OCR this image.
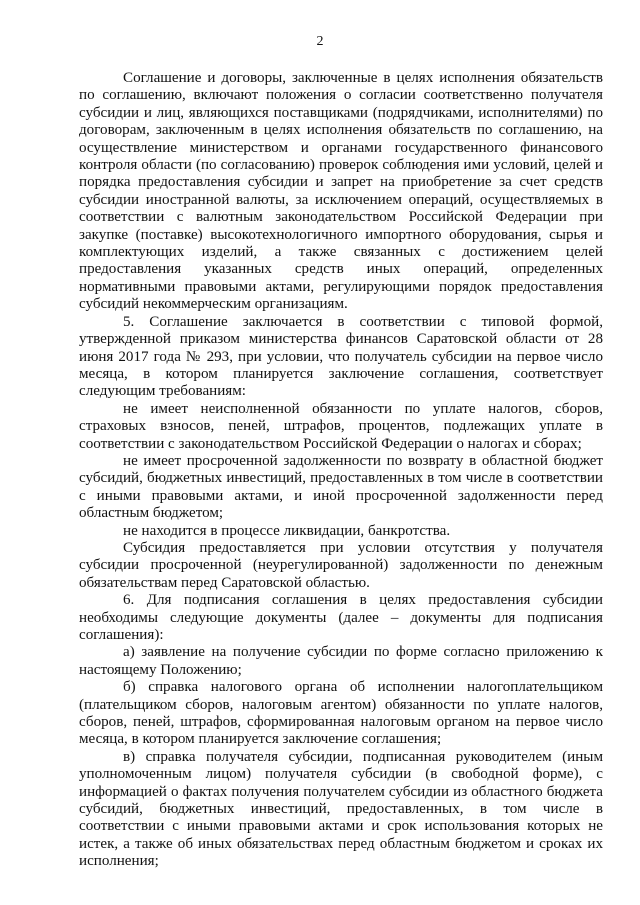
2

Соглашение и договоры, заключенные в целях исполнения обязательств по соглашению, включают положения о согласии соответственно получателя субсидии и лиц, являющихся поставщиками (подрядчиками, исполнителями) по договорам, заключенным в целях исполнения обязательств по соглашению, на осуществление министерством и органами государственного финансового контроля области (по согласованию) проверок соблюдения ими условий, целей и порядка предоставления субсидии и запрет на приобретение за счет средств субсидии иностранной валюты, за исключением операций, осуществляемых в соответствии с валютным законодательством Российской Федерации при закупке (поставке) высокотехнологичного импортного оборудования, сырья и комплектующих изделий, а также связанных с достижением целей предоставления указанных средств иных операций, определенных нормативными правовыми актами, регулирующими порядок предоставления субсидий некоммерческим организациям.

5. Соглашение заключается в соответствии с типовой формой, утвержденной приказом министерства финансов Саратовской области от 28 июня 2017 года № 293, при условии, что получатель субсидии на первое число месяца, в котором планируется заключение соглашения, соответствует следующим требованиям:

не имеет неисполненной обязанности по уплате налогов, сборов, страховых взносов, пеней, штрафов, процентов, подлежащих уплате в соответствии с законодательством Российской Федерации о налогах и сборах;

не имеет просроченной задолженности по возврату в областной бюджет субсидий, бюджетных инвестиций, предоставленных в том числе в соответствии с иными правовыми актами, и иной просроченной задолженности перед областным бюджетом;

не находится в процессе ликвидации, банкротства.

Субсидия предоставляется при условии отсутствия у получателя субсидии просроченной (неурегулированной) задолженности по денежным обязательствам перед Саратовской областью.

6. Для подписания соглашения в целях предоставления субсидии необходимы следующие документы (далее – документы для подписания соглашения):

а) заявление на получение субсидии по форме согласно приложению к настоящему Положению;

б) справка налогового органа об исполнении налогоплательщиком (плательщиком сборов, налоговым агентом) обязанности по уплате налогов, сборов, пеней, штрафов, сформированная налоговым органом на первое число месяца, в котором планируется заключение соглашения;

в) справка получателя субсидии, подписанная руководителем (иным уполномоченным лицом) получателя субсидии (в свободной форме), с информацией о фактах получения получателем субсидии из областного бюджета субсидий, бюджетных инвестиций, предоставленных, в том числе в соответствии с иными правовыми актами и срок использования которых не истек, а также об иных обязательствах перед областным бюджетом и сроках их исполнения;
